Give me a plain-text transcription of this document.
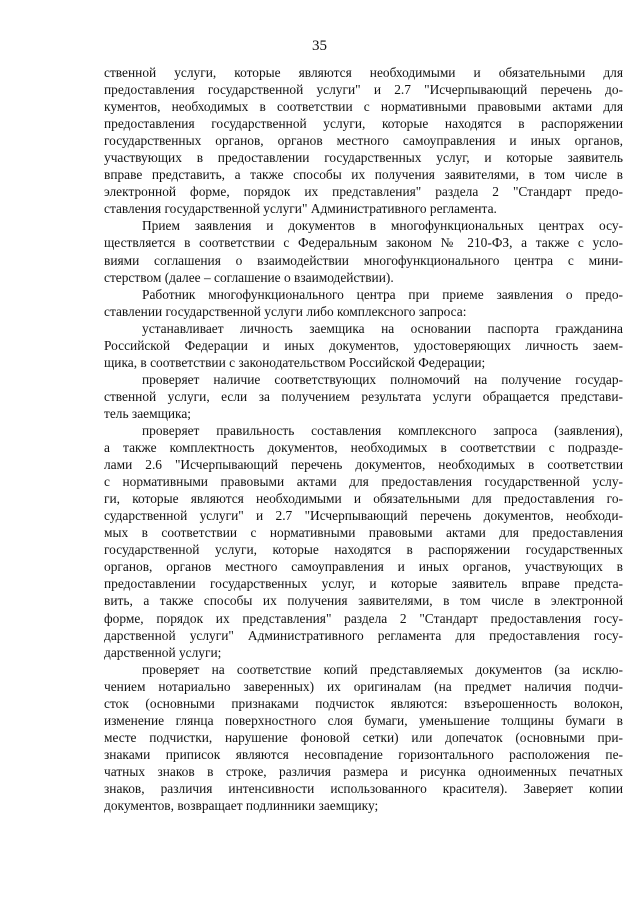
35
ственной услуги, которые являются необходимыми и обязательными для
предоставления государственной услуги" и 2.7 "Исчерпывающий перечень до-
кументов, необходимых в соответствии с нормативными правовыми актами для
предоставления государственной услуги, которые находятся в распоряжении
государственных органов, органов местного самоуправления и иных органов,
участвующих в предоставлении государственных услуг, и которые заявитель
вправе представить, а также способы их получения заявителями, в том числе в
электронной форме, порядок их представления" раздела 2 "Стандарт предо-
ставления государственной услуги" Административного регламента.
Прием заявления и документов в многофункциональных центрах осу-
ществляется в соответствии с Федеральным законом № 210-ФЗ, а также с усло-
виями соглашения о взаимодействии многофункционального центра с мини-
стерством (далее – соглашение о взаимодействии).
Работник многофункционального центра при приеме заявления о предо-
ставлении государственной услуги либо комплексного запроса:
устанавливает личность заемщика на основании паспорта гражданина
Российской Федерации и иных документов, удостоверяющих личность заем-
щика, в соответствии с законодательством Российской Федерации;
проверяет наличие соответствующих полномочий на получение государ-
ственной услуги, если за получением результата услуги обращается представи-
тель заемщика;
проверяет правильность составления комплексного запроса (заявления),
а также комплектность документов, необходимых в соответствии с подразде-
лами 2.6 "Исчерпывающий перечень документов, необходимых в соответствии
с нормативными правовыми актами для предоставления государственной услу-
ги, которые являются необходимыми и обязательными для предоставления го-
сударственной услуги" и 2.7 "Исчерпывающий перечень документов, необходи-
мых в соответствии с нормативными правовыми актами для предоставления
государственной услуги, которые находятся в распоряжении государственных
органов, органов местного самоуправления и иных органов, участвующих в
предоставлении государственных услуг, и которые заявитель вправе предста-
вить, а также способы их получения заявителями, в том числе в электронной
форме, порядок их представления" раздела 2 "Стандарт предоставления госу-
дарственной услуги" Административного регламента для предоставления госу-
дарственной услуги;
проверяет на соответствие копий представляемых документов (за исклю-
чением нотариально заверенных) их оригиналам (на предмет наличия подчи-
сток (основными признаками подчисток являются: взъерошенность волокон,
изменение глянца поверхностного слоя бумаги, уменьшение толщины бумаги в
месте подчистки, нарушение фоновой сетки) или допечаток (основными при-
знаками приписок являются несовпадение горизонтального расположения пе-
чатных знаков в строке, различия размера и рисунка одноименных печатных
знаков, различия интенсивности использованного красителя). Заверяет копии
документов, возвращает подлинники заемщику;
